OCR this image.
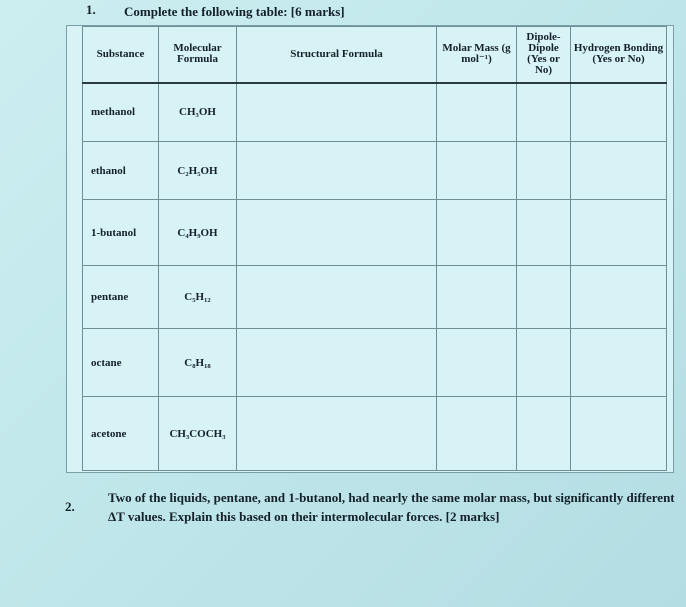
1. Complete the following table: [6 marks]
Substance	Molecular Formula	Structural Formula	Molar Mass (g mol⁻¹)	Dipole-Dipole (Yes or No)	Hydrogen Bonding (Yes or No)
methanol	CH₃OH				
ethanol	C₂H₅OH				
1-butanol	C₄H₉OH				
pentane	C₅H₁₂				
octane	C₈H₁₈				
acetone	CH₃COCH₃				
2.
Two of the liquids, pentane, and 1-butanol, had nearly the same molar mass, but significantly different ΔT values. Explain this based on their intermolecular forces. [2 marks]
